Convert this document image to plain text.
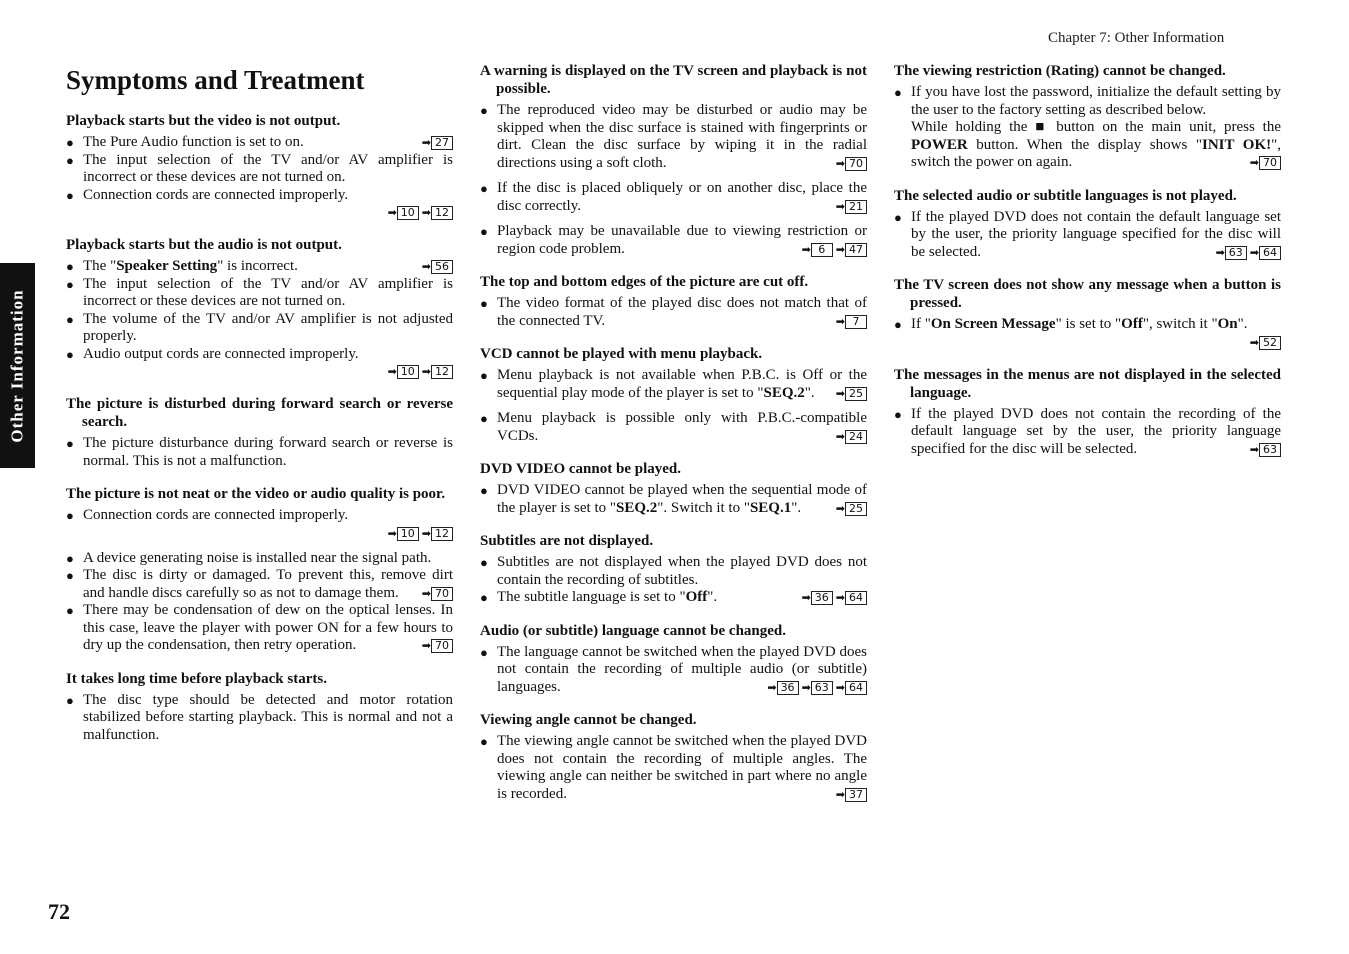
Chapter 7: Other Information
Other Information
72
Symptoms and Treatment
Playback starts but the video is not output.
● ➡ 27
The Pure Audio function is set to on.
● The input selection of the TV and/or AV amplifier is incorrect or these devices are not turned on.
● Connection cords are connected improperly.
➡ 10 ➡ 12
Playback starts but the audio is not output.
● ➡ 56
The "Speaker Setting" is incorrect.
● The input selection of the TV and/or AV amplifier is incorrect or these devices are not turned on.
● The volume of the TV and/or AV amplifier is not adjusted properly.
● Audio output cords are connected improperly.
➡ 10 ➡ 12
The picture is disturbed during forward search or reverse search.
● The picture disturbance during forward search or reverse is normal. This is not a malfunction.
The picture is not neat or the video or audio quality is poor.
● Connection cords are connected improperly.
➡ 10 ➡ 12
● A device generating noise is installed near the signal path.
● The disc is dirty or damaged. To prevent this, remove dirt and handle discs carefully so as not to damage them. ➡ 70
● There may be condensation of dew on the optical lenses. In this case, leave the player with power ON for a few hours to dry up the condensation, then retry operation.	➡ 70
It takes long time before playback starts.
● The disc type should be detected and motor rotation stabilized before starting playback. This is normal and not a malfunction.
A warning is displayed on the TV screen and playback is not possible.
● The reproduced video may be disturbed or audio may be skipped when the disc surface is stained with fingerprints or dirt. Clean the disc surface by wiping it in the radial directions using a soft cloth.	➡ 70
● If the disc is placed obliquely or on another disc, place the disc correctly.	➡ 21
● Playback may be unavailable due to viewing restriction or region code problem.	➡ 6 ➡ 47
The top and bottom edges of the picture are cut off.
● The video format of the played disc does not match that of the connected TV.	➡ 7
VCD cannot be played with menu playback.
● Menu playback is not available when P.B.C. is Off or the sequential play mode of the player is set to "SEQ.2". ➡ 25
● Menu playback is possible only with P.B.C.-compatible VCDs.	➡ 24
DVD VIDEO cannot be played.
● DVD VIDEO cannot be played when the sequential mode of the player is set to "SEQ.2". Switch it to "SEQ.1".	➡ 25
Subtitles are not displayed.
● Subtitles are not displayed when the played DVD does not contain the recording of subtitles.
● ➡ 36 ➡ 64
The subtitle language is set to "Off".
Audio (or subtitle) language cannot be changed.
● The language cannot be switched when the played DVD does not contain the recording of multiple audio (or subtitle) languages.	➡ 36 ➡ 63 ➡ 64
Viewing angle cannot be changed.
● The viewing angle cannot be switched when the played DVD does not contain the recording of multiple angles. The viewing angle can neither be switched in part where no angle is recorded.	➡ 37
The viewing restriction (Rating) cannot be changed.
● If you have lost the password, initialize the default setting by the user to the factory setting as described below.
While holding the ■ button on the main unit, press the POWER button. When the display shows "INIT OK!", switch the power on again.	➡ 70
The selected audio or subtitle languages is not played.
● If the played DVD does not contain the default language set by the user, the priority language specified for the disc will be selected.	➡ 63 ➡ 64
The TV screen does not show any message when a button is pressed.
● If "On Screen Message" is set to "Off", switch it "On".
➡ 52
The messages in the menus are not displayed in the selected language.
● If the played DVD does not contain the recording of the default language set by the user, the priority language specified for the disc will be selected.	➡ 63
